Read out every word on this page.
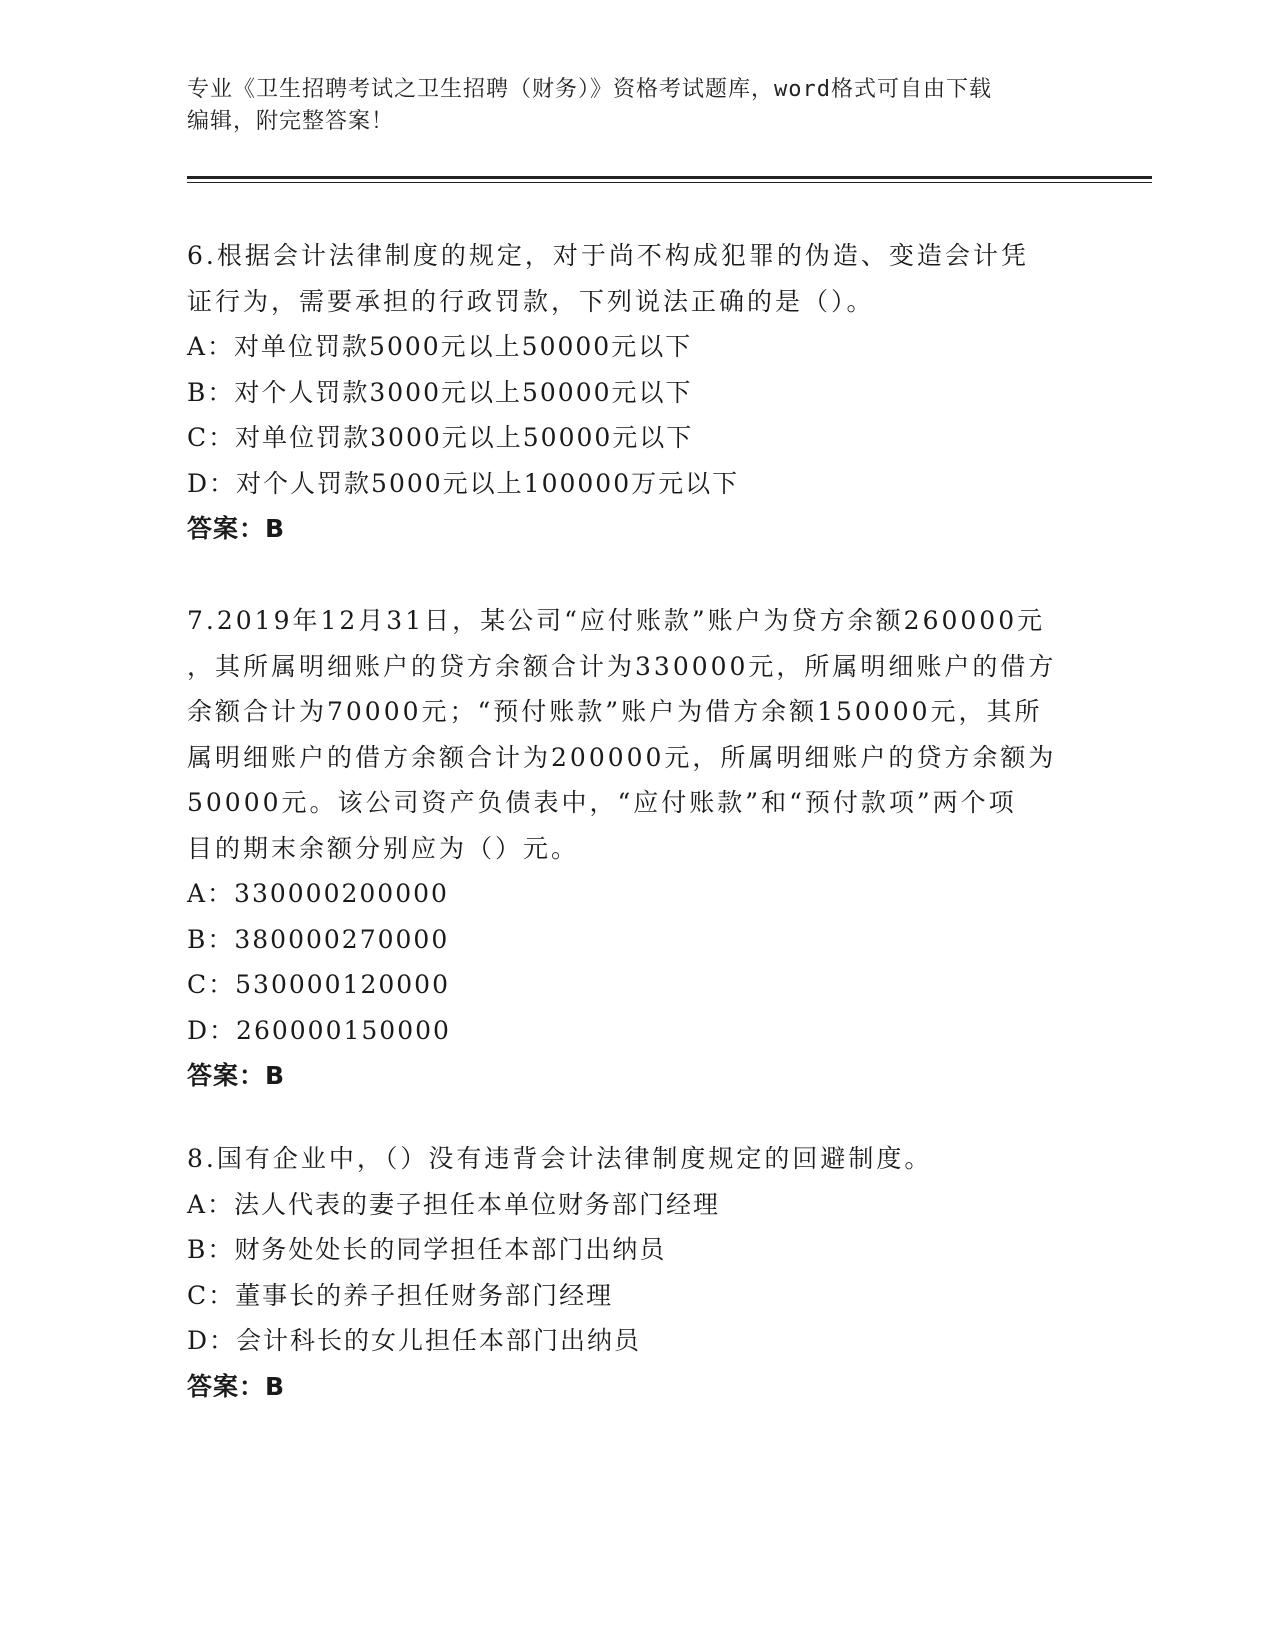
专业《卫生招聘考试之卫生招聘（财务）》资格考试题库，word格式可自由下载
编辑，附完整答案！
6.根据会计法律制度的规定，对于尚不构成犯罪的伪造、变造会计凭
证行为，需要承担的行政罚款，下列说法正确的是（）。
A：对单位罚款5000元以上50000元以下
B：对个人罚款3000元以上50000元以下
C：对单位罚款3000元以上50000元以下
D：对个人罚款5000元以上100000万元以下
答案：B
7.2019年12月31日，某公司“应付账款”账户为贷方余额260000元
，其所属明细账户的贷方余额合计为330000元，所属明细账户的借方
余额合计为70000元；“预付账款”账户为借方余额150000元，其所
属明细账户的借方余额合计为200000元，所属明细账户的贷方余额为
50000元。该公司资产负债表中，“应付账款”和“预付款项”两个项
目的期末余额分别应为（）元。
A：330000200000
B：380000270000
C：530000120000
D：260000150000
答案：B
8.国有企业中，（）没有违背会计法律制度规定的回避制度。
A：法人代表的妻子担任本单位财务部门经理
B：财务处处长的同学担任本部门出纳员
C：董事长的养子担任财务部门经理
D：会计科长的女儿担任本部门出纳员
答案：B
